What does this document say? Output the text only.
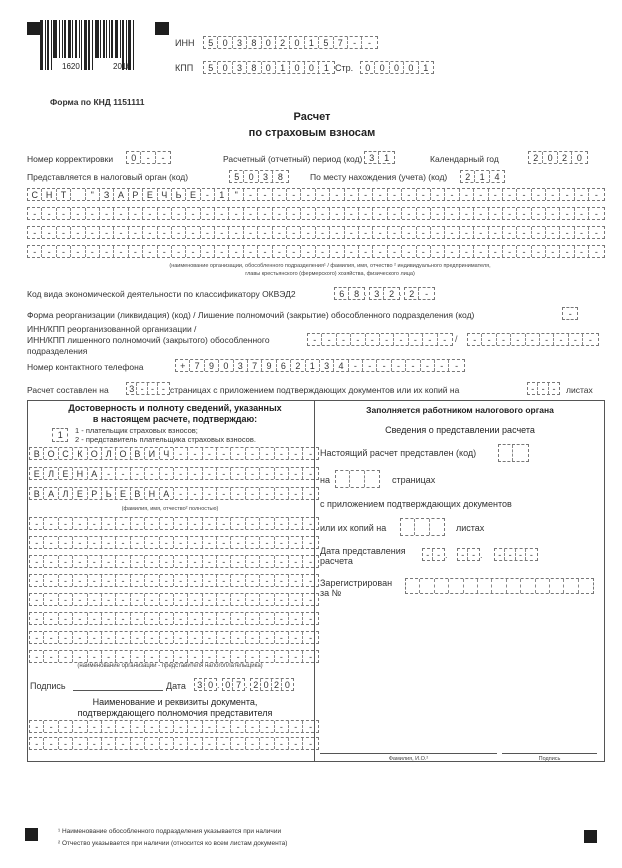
1620	2016
ИНН	5	0	3	8	0	2	0	1	5	7	-	-
КПП	5	0	3	8	0	1	0	0	1 Стр.	0	0	0	0	1
Форма по КНД 1151111
Расчет
по страховым взносам
Номер корректировки	0	-	-	Расчетный (отчетный) период (код) 3	1	Календарный год	2	0	2	0
Представляется в налоговый орган (код)	5	0	3	8	По месту нахождения (учета) (код)	2	1	4
С Н Т	"	З А Р Е Ч Ь Е	-	1	"	-	-	-	-	-	-	-	-	-	-	-	-	-	-	-	-	-	-	-	-	-	-	-	-	-
-	-	-	-	-	-	-	-	-	-	-	-	-	-	-	-	-	-	-	-	-	-	-	-	-	-	-	-	-	-	-	-	-	-	-	-	-	-	-	-
-	-	-	-	-	-	-	-	-	-	-	-	-	-	-	-	-	-	-	-	-	-	-	-	-	-	-	-	-	-	-	-	-	-	-	-	-	-	-	-
-	-	-	-	-	-	-	-	-	-	-	-	-	-	-	-	-	-	-	-	-	-	-	-	-	-	-	-	-	-	-	-	-	-	-	-	-	-	-	-
(наименование организации, обособленного подразделения¹ / фамилия, имя, отчество ² индивидуального предпринимателя,
главы крестьянского (фермерского) хозяйства, физического лица)
Код вида экономической деятельности по классификатору ОКВЭД2	6	8 . 3	2 . 2	-
Форма реорганизации (ликвидация) (код) / Лишение полномочий (закрытие) обособленного подразделения (код)	-
ИНН/КПП реорганизованной организации /
ИНН/КПП лишенного полномочий (закрытого) обособленного
подразделения
-	-	-	-	-	-	-	-	-	- /	-	-	-	-	-	-	-	-	-
Номер контактного телефона	+	7	9	0	3	7	9	6	2	1	3	4	-	-	-	-	-	-	-	-
Расчет составлен на 3 - - - страницах с приложением подтверждающих документов или их копий на	- - -	листах
Достоверность и полноту сведений, указанных
в настоящем расчете, подтверждаю:
1	1 - плательщик страховых взносов;
2 - представитель плательщика страховых взносов.
В О С К О Л О В И Ч	-	-	-	-	-	-	-	-	-	-
Е Л Е Н А	-	-	-	-	-	-	-	-	-	-	-	-	-	-	-
В А Л Е Р Ь Е В Н А	-	-	-	-	-	-	-	-	-	-
(фамилия, имя, отчество² полностью)
-	-	-	-	-	-	-	-	-	-	-	-	-	-	-	-	-	-	-	-
-	-	-	-	-	-	-	-	-	-	-	-	-	-	-	-	-	-	-	-
-	-	-	-	-	-	-	-	-	-	-	-	-	-	-	-	-	-	-	-
-	-	-	-	-	-	-	-	-	-	-	-	-	-	-	-	-	-	-	-
-	-	-	-	-	-	-	-	-	-	-	-	-	-	-	-	-	-	-	-
-	-	-	-	-	-	-	-	-	-	-	-	-	-	-	-	-	-	-	-
-	-	-	-	-	-	-	-	-	-	-	-	-	-	-	-	-	-	-	-
-	-	-	-	-	-	-	-	-	-	-	-	-	-	-	-	-	-	-	-
(наименование организации - представителя налогоплательщика)
Подпись	Дата 3 0 . 0 7 . 2 0 2 0
Наименование и реквизиты документа,
подтверждающего полномочия представителя
-	-	-	-	-	-	-	-	-	-	-	-	-	-	-	-	-	-	-	-
-	-	-	-	-	-	-	-	-	-	-	-	-	-	-	-	-	-	-	-
Заполняется работником налогового органа
Сведения о представлении расчета
Настоящий расчет представлен (код)
на	страницах
с приложением подтверждающих документов
или их копий на	листах
Дата представления
расчета
- - .	- - .	- - - -
Зарегистрирован
за №
Фамилия, И.О.²	Подпись
¹ Наименование обособленного подразделения указывается при наличии
² Отчество указывается при наличии (относится ко всем листам документа)
